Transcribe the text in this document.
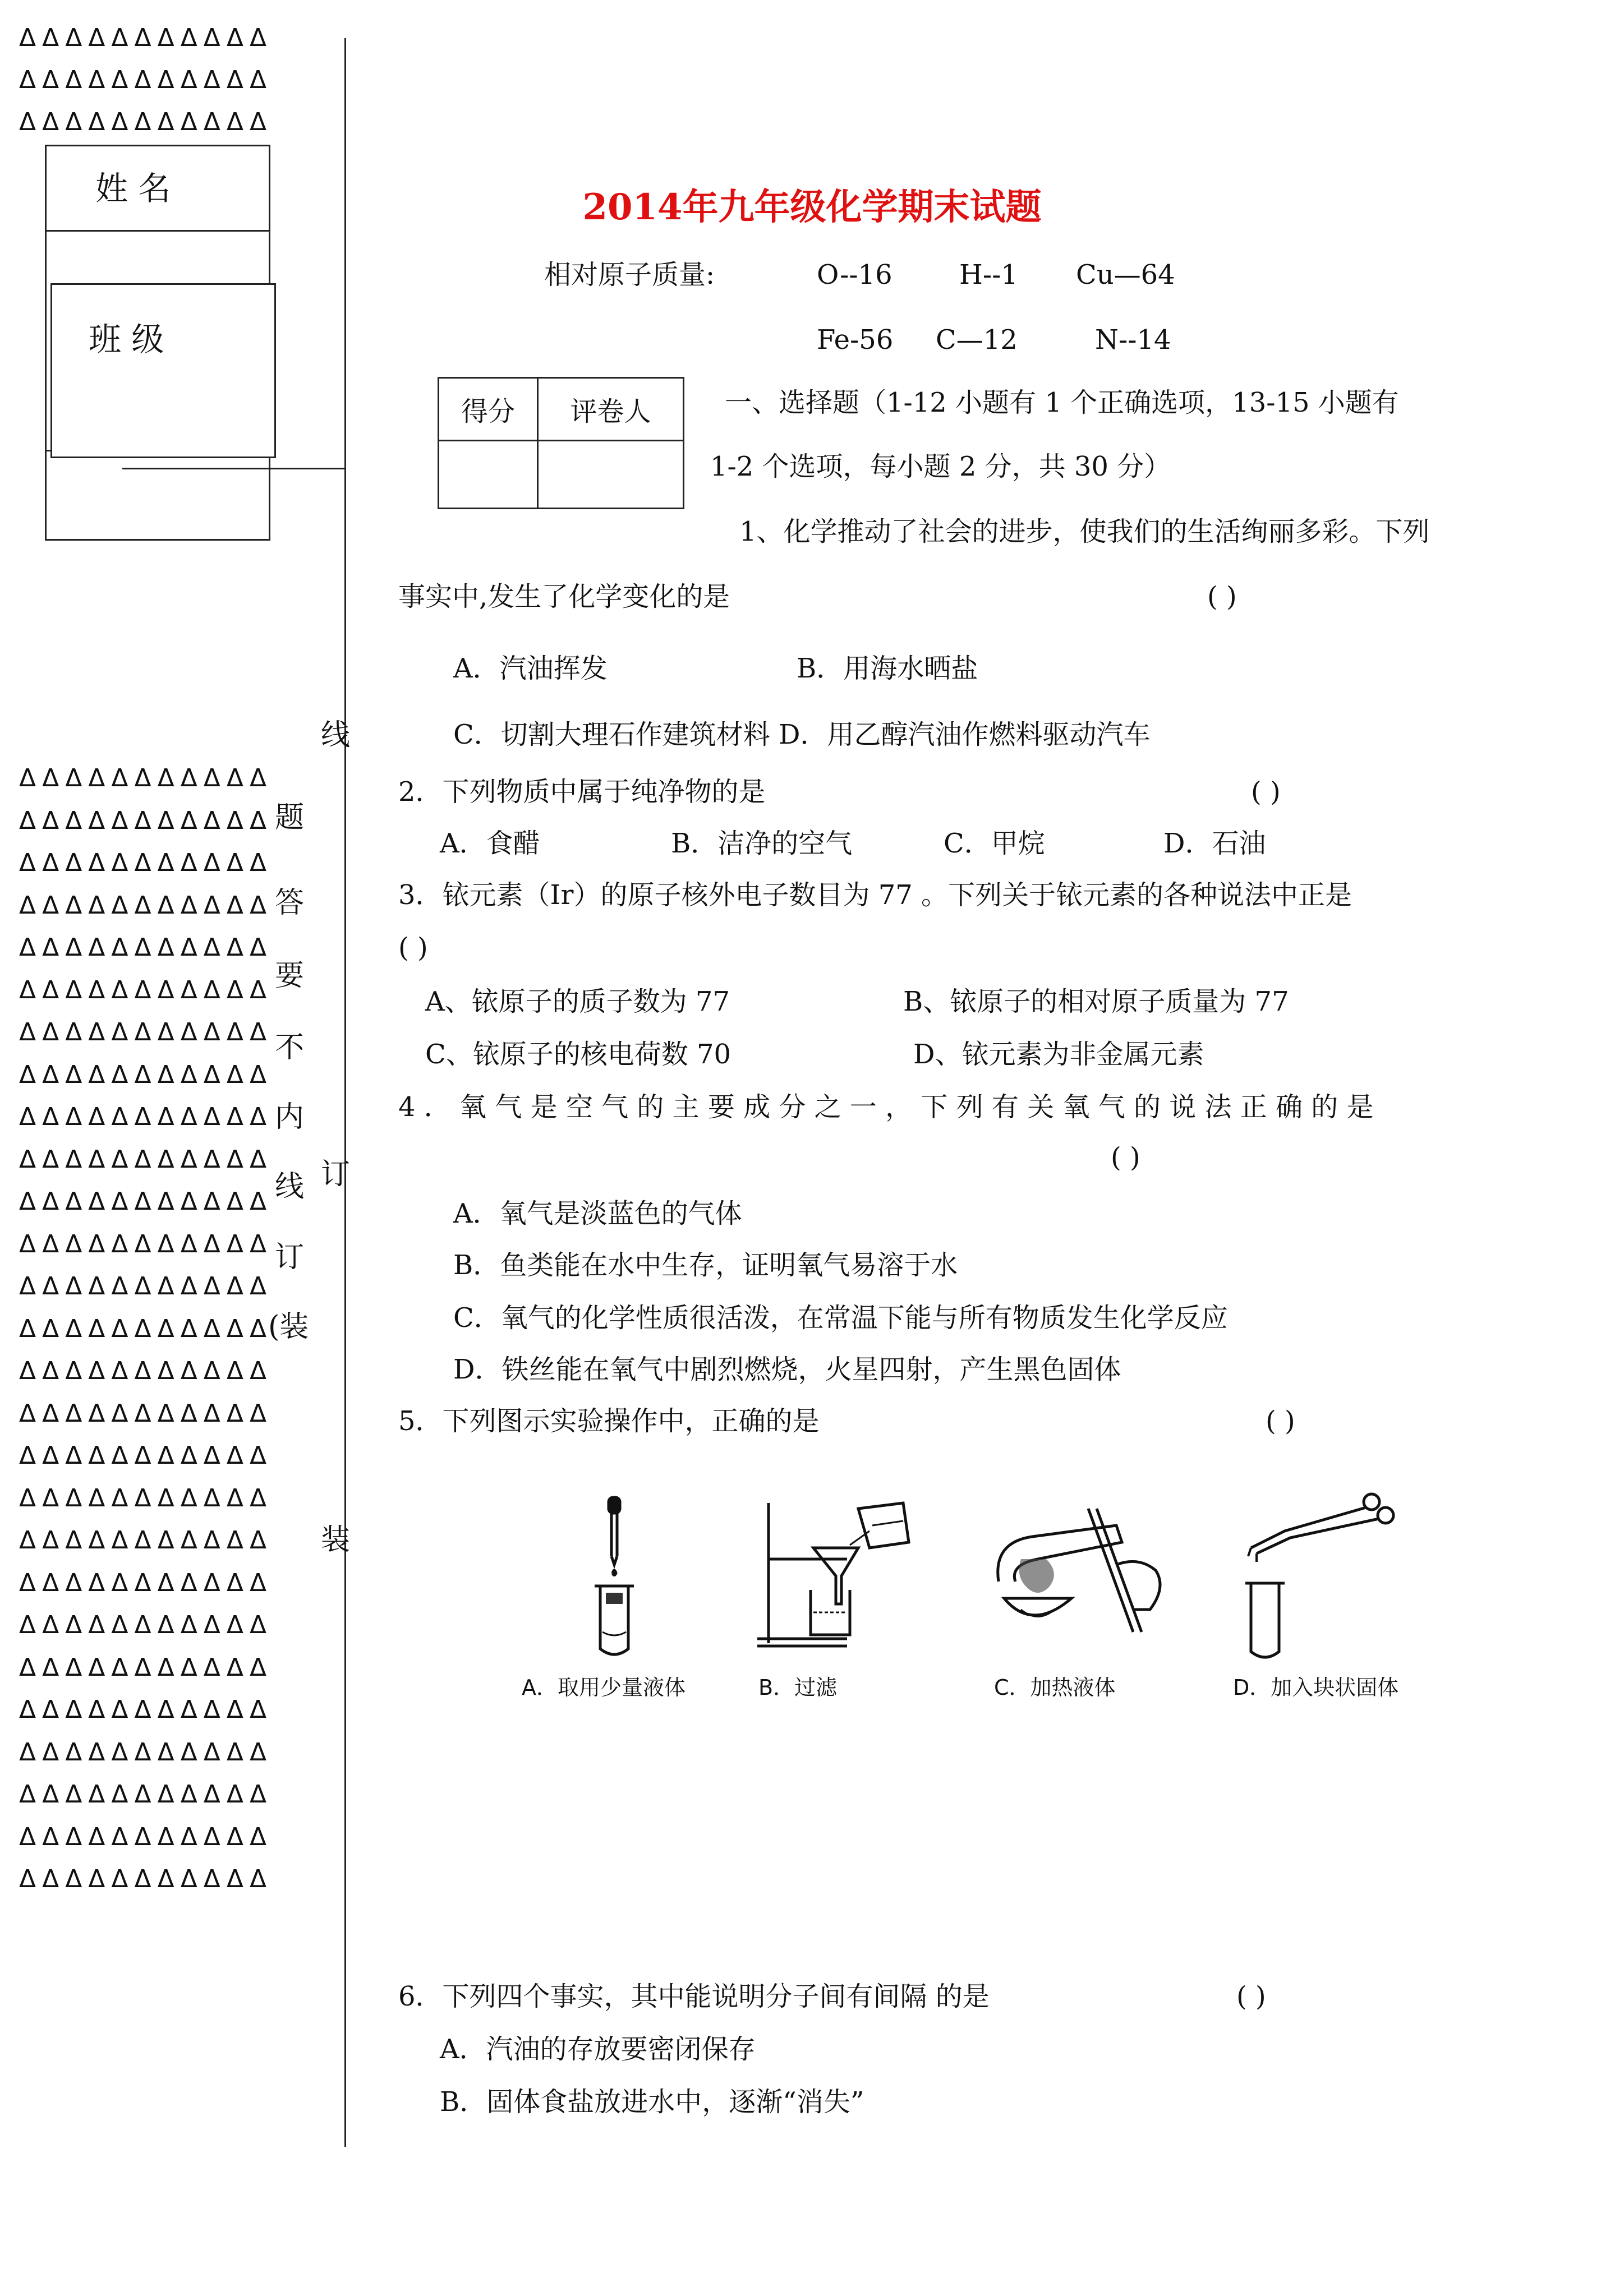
ΔΔΔΔΔΔΔΔΔΔΔ
ΔΔΔΔΔΔΔΔΔΔΔ
ΔΔΔΔΔΔΔΔΔΔΔ
姓 名
班 级
ΔΔΔΔΔΔΔΔΔΔΔ
ΔΔΔΔΔΔΔΔΔΔΔ
ΔΔΔΔΔΔΔΔΔΔΔ
ΔΔΔΔΔΔΔΔΔΔΔ
ΔΔΔΔΔΔΔΔΔΔΔ
ΔΔΔΔΔΔΔΔΔΔΔ
ΔΔΔΔΔΔΔΔΔΔΔ
ΔΔΔΔΔΔΔΔΔΔΔ
ΔΔΔΔΔΔΔΔΔΔΔ
ΔΔΔΔΔΔΔΔΔΔΔ
ΔΔΔΔΔΔΔΔΔΔΔ
ΔΔΔΔΔΔΔΔΔΔΔ
ΔΔΔΔΔΔΔΔΔΔΔ
ΔΔΔΔΔΔΔΔΔΔΔ
ΔΔΔΔΔΔΔΔΔΔΔ
ΔΔΔΔΔΔΔΔΔΔΔ
ΔΔΔΔΔΔΔΔΔΔΔ
ΔΔΔΔΔΔΔΔΔΔΔ
ΔΔΔΔΔΔΔΔΔΔΔ
ΔΔΔΔΔΔΔΔΔΔΔ
ΔΔΔΔΔΔΔΔΔΔΔ
ΔΔΔΔΔΔΔΔΔΔΔ
ΔΔΔΔΔΔΔΔΔΔΔ
ΔΔΔΔΔΔΔΔΔΔΔ
ΔΔΔΔΔΔΔΔΔΔΔ
ΔΔΔΔΔΔΔΔΔΔΔ
ΔΔΔΔΔΔΔΔΔΔΔ
线
题
答
要
不
内
线 订
订
(装
装
2014年九年级化学期末试题
相对原子质量:	O--16 H--1 Cu—64
Fe-56 C—12	N--14
得分	评卷人
		一、选择题（1-12 小题有 1 个正确选项，13-15 小题有
1-2 个选项，每小题 2 分，共 30 分）
1、化学推动了社会的进步，使我们的生活绚丽多彩。下列
事实中,发生了化学变化的是	( )
A．汽油挥发	B．用海水晒盐
C．切割大理石作建筑材料 D．用乙醇汽油作燃料驱动汽车
2．下列物质中属于纯净物的是	( )
A．食醋	B．洁净的空气	C．甲烷	D．石油
3．铱元素（Ir）的原子核外电子数目为 77 。下列关于铱元素的各种说法中正是
( )
A、铱原子的质子数为 77	B、铱原子的相对原子质量为 77
C、铱原子的核电荷数 70	D、铱元素为非金属元素
4 ． 氧 气 是 空 气 的 主 要 成 分 之 一 ， 下 列 有 关 氧 气 的 说 法 正 确 的 是
( )
A．氧气是淡蓝色的气体
B．鱼类能在水中生存，证明氧气易溶于水
C．氧气的化学性质很活泼，在常温下能与所有物质发生化学反应
D．铁丝能在氧气中剧烈燃烧，火星四射，产生黑色固体
5．下列图示实验操作中，正确的是	( )
A．取用少量液体	B．过滤	C．加热液体	D．加入块状固体
6．下列四个事实，其中能说明分子间有间隔 的是	( )
A．汽油的存放要密闭保存
B．固体食盐放进水中，逐渐“消失”
